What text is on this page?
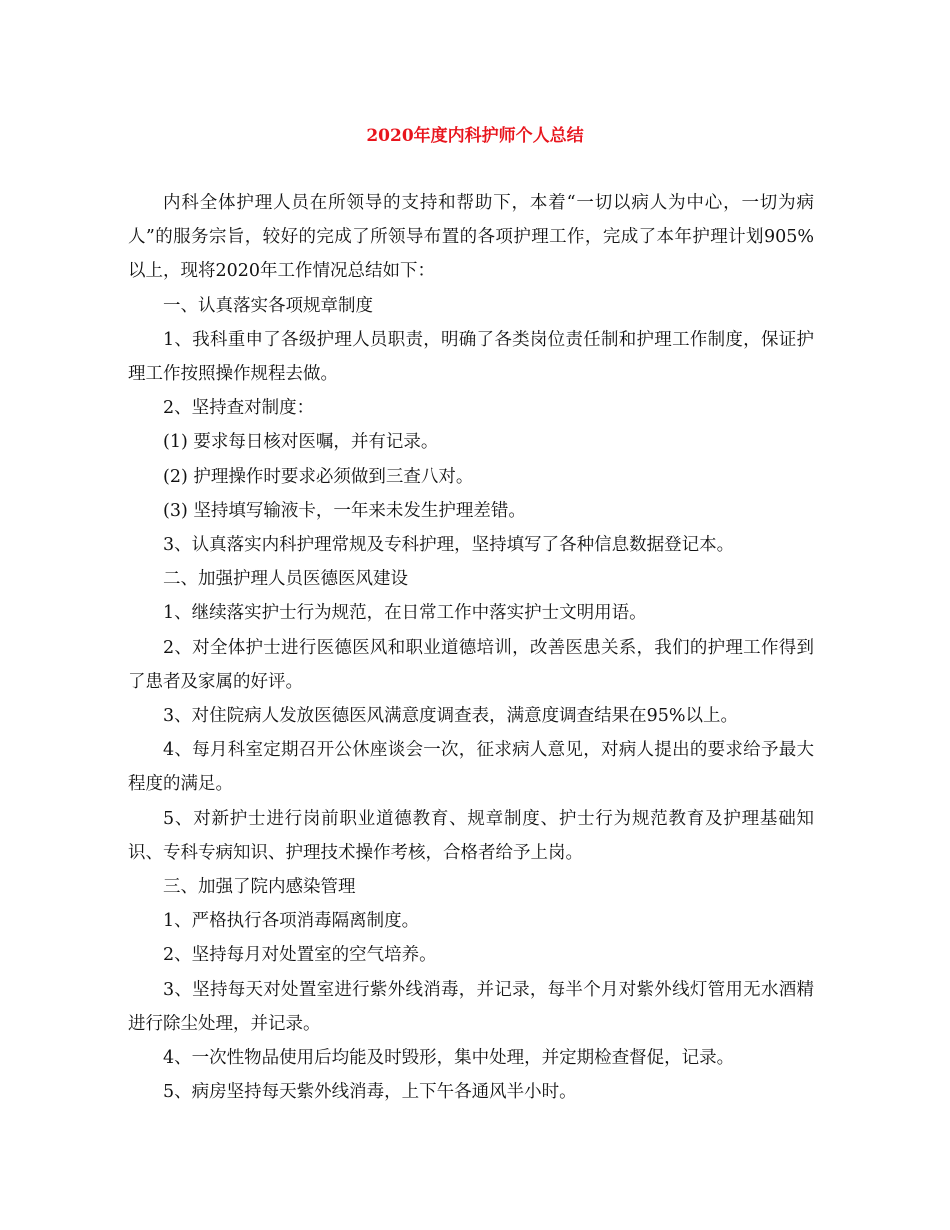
2020年度内科护师个人总结

内科全体护理人员在所领导的支持和帮助下，本着“一切以病人为中心，一切为病人”的服务宗旨，较好的完成了所领导布置的各项护理工作，完成了本年护理计划905%以上，现将2020年工作情况总结如下：

一、认真落实各项规章制度

1、我科重申了各级护理人员职责，明确了各类岗位责任制和护理工作制度，保证护理工作按照操作规程去做。

2、坚持查对制度：

(1) 要求每日核对医嘱，并有记录。

(2) 护理操作时要求必须做到三查八对。

(3) 坚持填写输液卡，一年来未发生护理差错。

3、认真落实内科护理常规及专科护理，坚持填写了各种信息数据登记本。

二、加强护理人员医德医风建设

1、继续落实护士行为规范，在日常工作中落实护士文明用语。

2、对全体护士进行医德医风和职业道德培训，改善医患关系，我们的护理工作得到了患者及家属的好评。

3、对住院病人发放医德医风满意度调查表，满意度调查结果在95%以上。

4、每月科室定期召开公休座谈会一次，征求病人意见，对病人提出的要求给予最大程度的满足。

5、对新护士进行岗前职业道德教育、规章制度、护士行为规范教育及护理基础知识、专科专病知识、护理技术操作考核，合格者给予上岗。

三、加强了院内感染管理

1、严格执行各项消毒隔离制度。

2、坚持每月对处置室的空气培养。

3、坚持每天对处置室进行紫外线消毒，并记录，每半个月对紫外线灯管用无水酒精进行除尘处理，并记录。

4、一次性物品使用后均能及时毁形，集中处理，并定期检查督促，记录。

5、病房坚持每天紫外线消毒，上下午各通风半小时。
